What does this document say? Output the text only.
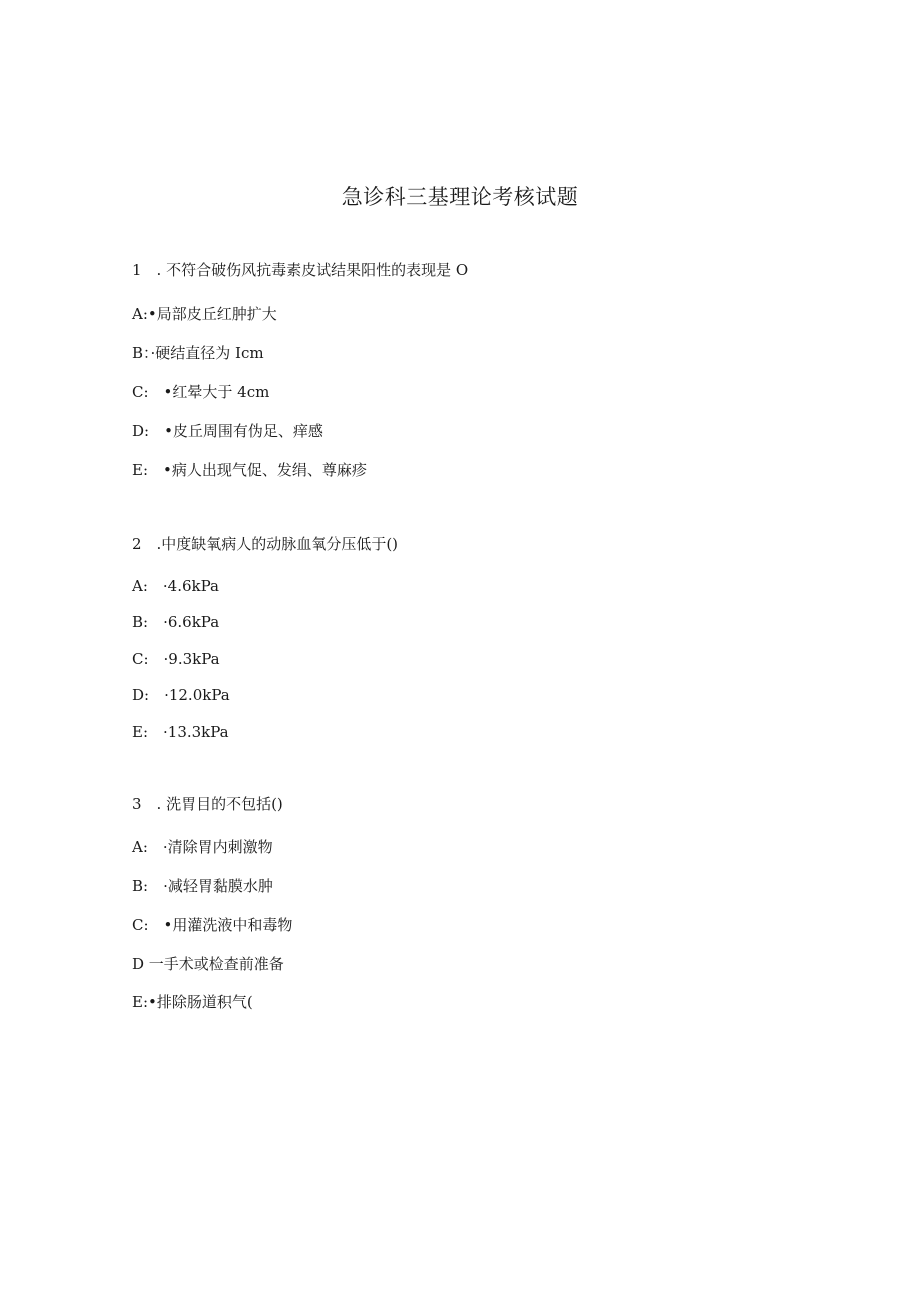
急诊科三基理论考核试题
1　. 不符合破伤风抗毒素皮试结果阳性的表现是 O
A:•局部皮丘红肿扩大
B：·硬结直径为 Icm
C:　•红晕大于 4cm
D:　•皮丘周围有伪足、痒感
E:　•病人出现气促、发绢、尊麻疹
2　.中度缺氧病人的动脉血氧分压低于()
A:　·4.6kPa
B:　·6.6kPa
C:　·9.3kPa
D:　·12.0kPa
E:　·13.3kPa
3　. 洗胃目的不包括()
A:　·清除胃内刺激物
B:　·减轻胃黏膜水肿
C:　•用灌洗液中和毒物
D 一手术或检查前准备
E:•排除肠道积气(
